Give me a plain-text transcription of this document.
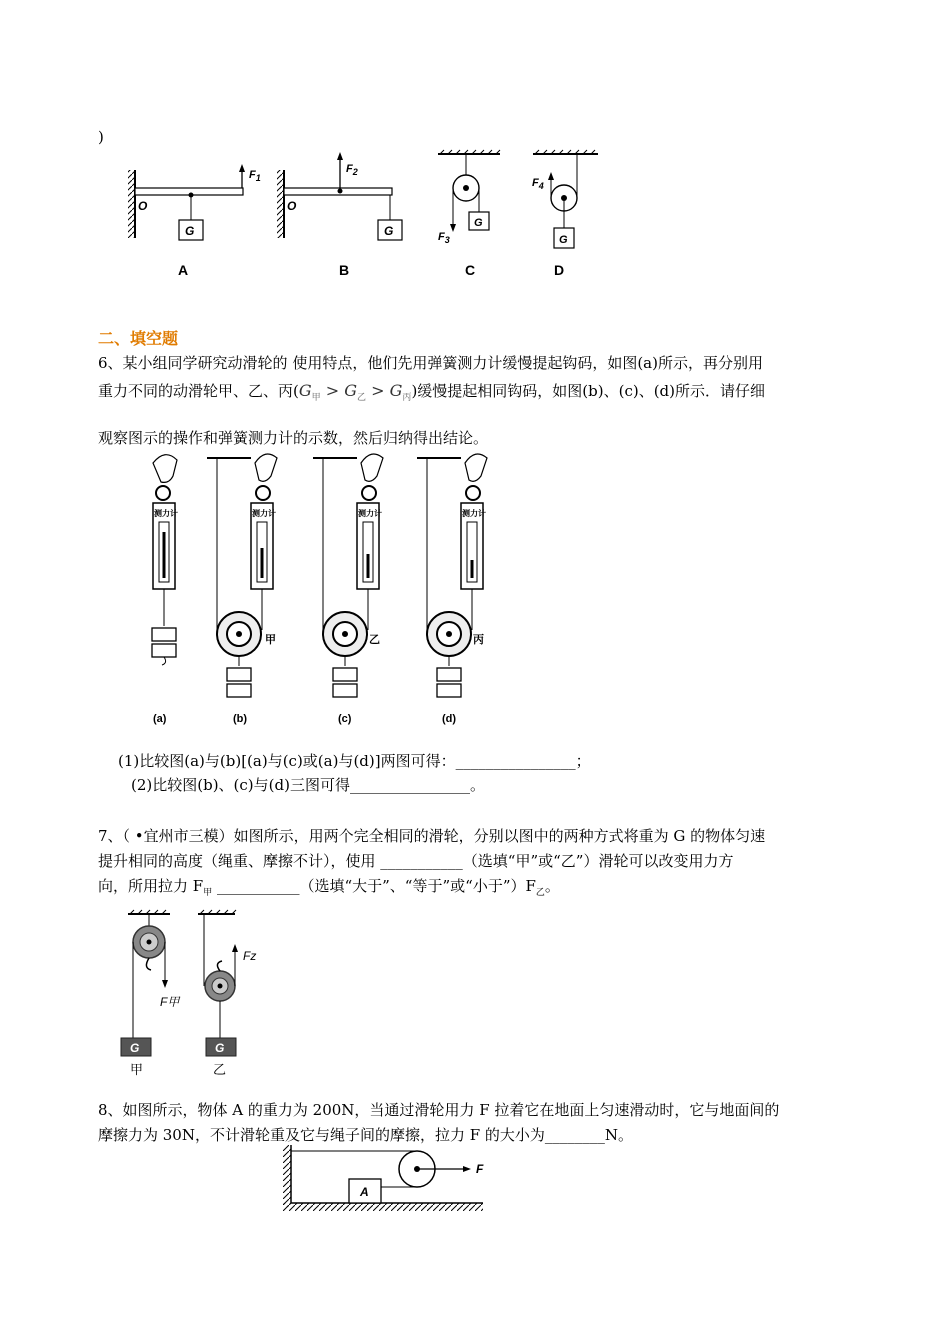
)
G
$F_1$
O
$F_2$
G
O
G
$F_3$	G
$F_4$
A	B	C	D
二、填空题
6、某小组同学研究动滑轮的 使用特点，他们先用弹簧测力计缓慢提起钩码，如图(a)所示，再分别用
重力不同的动滑轮甲、乙、丙$(G_甲 > G_乙 > G_丙)$缓慢提起相同钩码，如图(b)、(c)、(d)所示．请仔细
观察图示的操作和弹簧测力计的示数，然后归纳得出结论。
测力计	测力计
甲
测力计
乙
测力计
丙
(a)	(b)	(c)	(d)
(1)比较图(a)与(b)[(a)与(c)或(a)与(d)]两图可得：________________；
(2)比较图(b)、(c)与(d)三图可得________________。
7、（ •宜州市三模）如图所示，用两个完全相同的滑轮，分别以图中的两种方式将重为 G 的物体匀速
提升相同的高度（绳重、摩擦不计），使用 ___________（选填“甲”或“乙”）滑轮可以改变用力方
向，所用拉力 $F_甲$ ___________（选填“大于”、“等于”或“小于$”)F_乙$。
F甲
G
甲
Fz
G
乙
8、如图所示，物体 A 的重力为 200N，当通过滑轮用力 F 拉着它在地面上匀速滑动时，它与地面间的
摩擦力为 30N，不计滑轮重及它与绳子间的摩擦，拉力 F 的大小为________N。
A
F
